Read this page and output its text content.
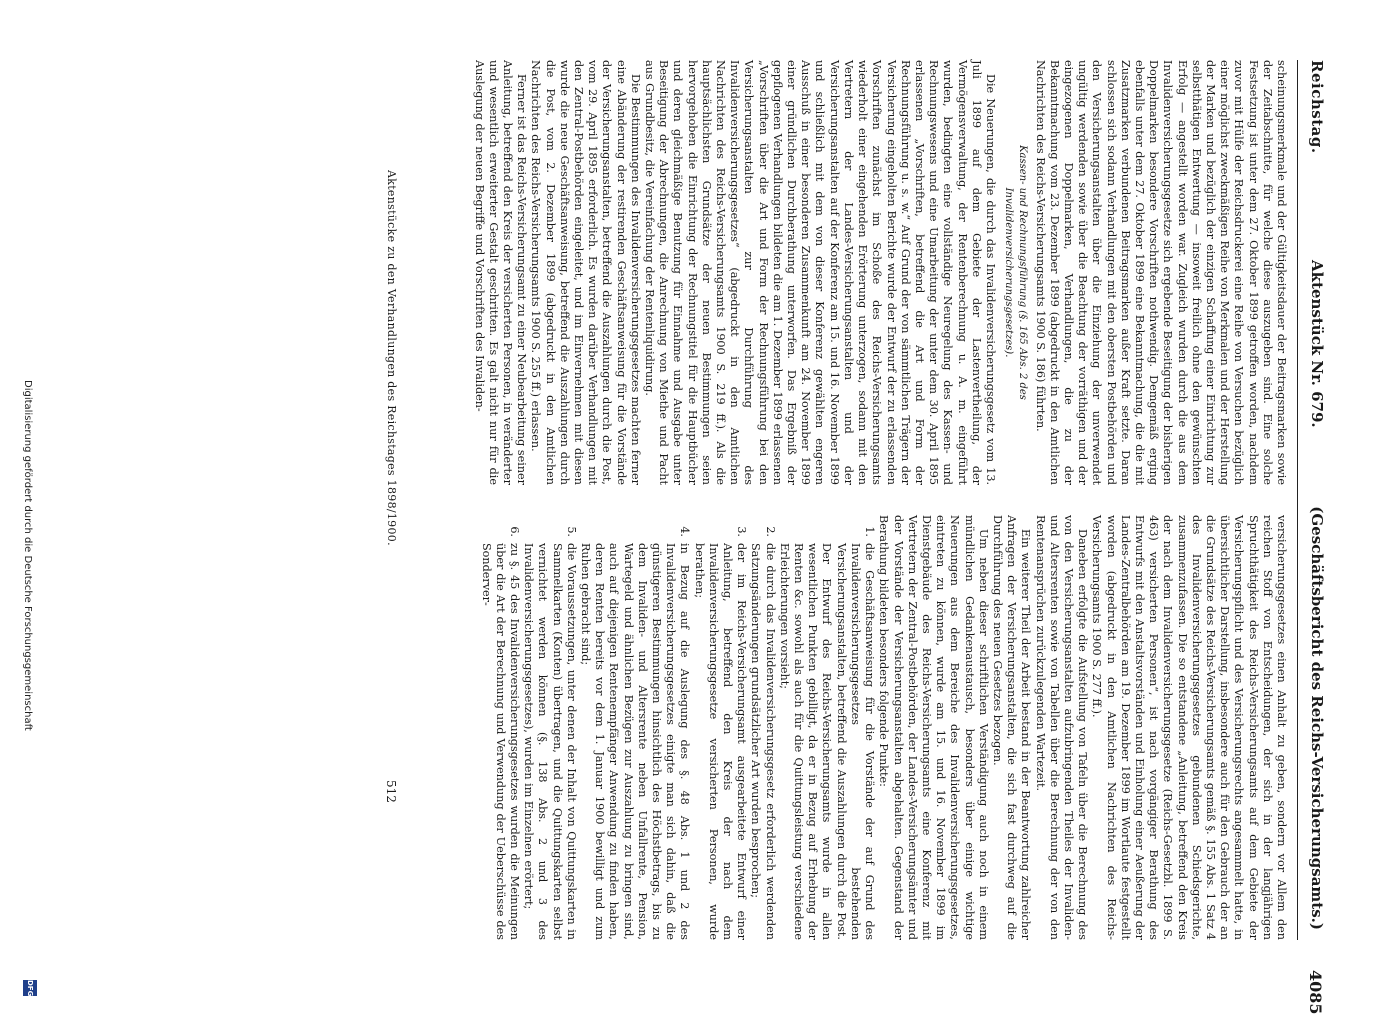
Reichstag.
Aktenstück Nr. 679.
(Geschäftsbericht des Reichs-Versicherungsamts.)
4085

scheinungsmerkmale und der Gültigkeitsdauer der Beitragsmarken sowie der Zeitabschnitte, für welche diese auszugeben sind. Eine solche Festsetzung ist unter dem 27. Oktober 1899 getroffen worden, nachdem zuvor mit Hülfe der Reichsdruckerei eine Reihe von Versuchen bezüglich einer möglichst zweckmäßigen Reihe von Merkmalen und der Herstellung der Marken und bezüglich der einzigen Schaffung einer Einrichtung zur selbstthätigen Entwertung — insoweit freilich ohne den gewünschten Erfolg — angestellt worden war. Zugleich wurden durch die aus dem Invalidenversicherungsgesetze sich ergebende Beseitigung der bisherigen Doppelmarken besondere Vorschriften nothwendig. Demgemäß erging ebenfalls unter dem 27. Oktober 1899 eine Bekanntmachung, die die mit Zusatzmarken verbundenen Beitragsmarken außer Kraft setzte. Daran schlossen sich sodann Verhandlungen mit den obersten Postbehörden und den Versicherungsanstalten über die Einziehung der unverwendet ungültig werdenden sowie über die Beachtung der vorräthigen und der eingezogenen Doppelmarken, Verhandlungen, die zu der Bekanntmachung vom 23. Dezember 1899 (abgedruckt in den Amtlichen Nachrichten des Reichs-Versicherungsamts 1900 S. 186) führten.

Kassen- und Rechnungsführung (§. 165 Abs. 2 des Invalidenversicherungsgesetzes).

Die Neuerungen, die durch das Invalidenversicherungsgesetz vom 13. Juli 1899 auf dem Gebiete der Lastenvertheilung, der Vermögensverwaltung, der Rentenberechnung u. A. m. eingeführt wurden, bedingten eine vollständige Neuregelung des Kassen- und Rechnungswesens und eine Umarbeitung der unter dem 30. April 1895 erlassenen „Vorschriften, betreffend die Art und Form der Rechnungsführung u. s. w.“ Auf Grund der von sämmtlichen Trägern der Versicherung eingeholten Berichte wurde der Entwurf der zu erlassenden Vorschriften zunächst im Schoße des Reichs-Versicherungsamts wiederholt einer eingehenden Erörterung unterzogen, sodann mit den Vertretern der Landes-Versicherungsanstalten und der Versicherungsanstalten auf der Konferenz am 15. und 16. November 1899 und schließlich mit dem von dieser Konferenz gewählten engeren Ausschuß in einer besonderen Zusammenkunft am 24. November 1899 einer gründlichen Durchberathung unterworfen. Das Ergebniß der gepflogenen Verhandlungen bildeten die am 1. Dezember 1899 erlassenen „Vorschriften über die Art und Form der Rechnungsführung bei den Versicherungsanstalten zur Durchführung des Invalidenversicherungsgesetzes“ (abgedruckt in den Amtlichen Nachrichten des Reichs-Versicherungsamts 1900 S. 219 ff.). Als die hauptsächlichsten Grundsätze der neuen Bestimmungen seien hervorgehoben die Einrichtung der Rechnungstitel für die Hauptbücher und deren gleichmäßige Benutzung für Einnahme und Ausgabe unter Beseitigung der Abrechnungen, die Anrechnung von Miethe und Pacht aus Grundbesitz, die Vereinfachung der Rentenliquidirung.

Die Bestimmungen des Invalidenversicherungsgesetzes machten ferner eine Abänderung der restirenden Geschäftsanweisung für die Vorstände der Versicherungsanstalten, betreffend die Auszahlungen durch die Post, vom 29. April 1895 erforderlich. Es wurden darüber Verhandlungen mit den Zentral-Postbehörden eingeleitet, und im Einvernehmen mit diesen wurde die neue Geschäftsanweisung, betreffend die Auszahlungen durch die Post, vom 2. Dezember 1899 (abgedruckt in den Amtlichen Nachrichten des Reichs-Versicherungsamts 1900 S. 255 ff.) erlassen.

Ferner ist das Reichs-Versicherungsamt zu einer Neubearbeitung seiner Anleitung, betreffend den Kreis der versicherten Personen, in veränderter und wesentlich erweiterter Gestalt geschritten. Es galt nicht nur für die Auslegung der neuen Begriffe und Vorschriften des Invaliden-

versicherungsgesetzes einen Anhalt zu geben, sondern vor Allem den reichen Stoff von Entscheidungen, der sich in der langjährigen Spruchthätigkeit des Reichs-Versicherungsamts auf dem Gebiete der Versicherungspflicht und des Versicherungsrechts angesammelt hatte, in übersichtlicher Darstellung, insbesondere auch für den Gebrauch der an die Grundsätze des Reichs-Versicherungsamts gemäß §. 155 Abs. 1 Satz 4 des Invalidenversicherungsgesetzes gebundenen Schiedsgerichte, zusammenzufassen. Die so entstandene „Anleitung, betreffend den Kreis der nach dem Invalidenversicherungsgesetze (Reichs-Gesetzbl. 1899 S. 463) versicherten Personen“, ist nach vorgängiger Berathung des Entwurfs mit den Anstaltsvorständen und Einholung einer Aeußerung der Landes-Zentralbehörden am 19. Dezember 1899 im Wortlaute festgestellt worden (abgedruckt in den Amtlichen Nachrichten des Reichs-Versicherungsamts 1900 S. 277 ff.).

Daneben erfolgte die Aufstellung von Tafeln über die Berechnung des von den Versicherungsanstalten aufzubringenden Theiles der Invaliden- und Altersrenten sowie von Tabellen über die Berechnung der von den Rentenansprüchen zurückzulegenden Wartezeit.

Ein weiterer Theil der Arbeit bestand in der Beantwortung zahlreicher Anfragen der Versicherungsanstalten, die sich fast durchweg auf die Durchführung des neuen Gesetzes bezogen.

Um neben dieser schriftlichen Verständigung auch noch in einem mündlichen Gedankenaustausch, besonders über einige wichtige Neuerungen aus dem Bereiche des Invalidenversicherungsgesetzes, eintreten zu können, wurde am 15. und 16. November 1899 im Dienstgebäude des Reichs-Versicherungsamts eine Konferenz mit Vertretern der Zentral-Postbehörden, der Landes-Versicherungsämter und der Vorstände der Versicherungsanstalten abgehalten. Gegenstand der Berathung bildeten besonders folgende Punkte:

1.
die Geschäftsanweisung für die Vorstände der auf Grund des Invalidenversicherungsgesetzes bestehenden Versicherungsanstalten, betreffend die Auszahlungen durch die Post. Der Entwurf des Reichs-Versicherungsamts wurde in allen wesentlichen Punkten gebilligt, da er in Bezug auf Erhebung der Renten &c. sowohl als auch für die Quittungsleistung verschiedene Erleichterungen vorsieht;
2.
die durch das Invalidenversicherungsgesetz erforderlich werdenden Satzungsänderungen grundsätzlicher Art wurden besprochen;
3.
der im Reichs-Versicherungsamt ausgearbeitete Entwurf einer Anleitung, betreffend den Kreis der nach dem Invalidenversicherungsgesetze versicherten Personen, wurde berathen;
4.
in Bezug auf die Auslegung des §. 48 Abs. 1 und 2 des Invalidenversicherungsgesetzes einigte man sich dahin, daß die günstigeren Bestimmungen hinsichtlich des Höchstbetrags, bis zu dem Invaliden- und Altersrente neben Unfallrente, Pension, Wartegeld und ähnlichen Bezügen zur Auszahlung zu bringen sind, auch auf diejenigen Rentenempfänger Anwendung zu finden haben, deren Renten bereits vor dem 1. Januar 1900 bewilligt und zum Ruhen gebracht sind;
5.
die Voraussetzungen, unter denen der Inhalt von Quittungskarten in Sammelkarten (Konten) übertragen, und die Quittungskarten selbst vernichtet werden können (§. 138 Abs. 2 und 3 des Invalidenversicherungsgesetzes), wurden im Einzelnen erörtert;
6.
zu §. 45 des Invalidenversicherungsgesetzes wurden die Meinungen über die Art der Berechnung und Verwendung der Ueberschüsse des Sonderver-
Aktenstücke zu den Verhandlungen des Reichstages 1898/1900.
512
Digitalisierung gefördert durch die Deutsche Forschungsgemeinschaft
DFG
